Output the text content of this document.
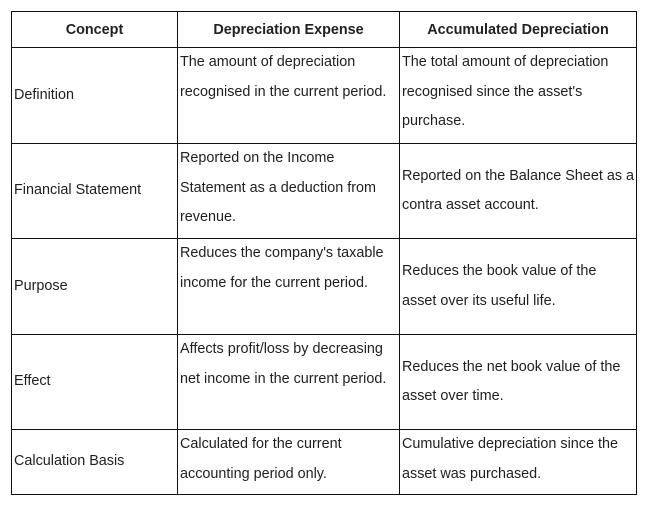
Concept	Depreciation Expense	Accumulated Depreciation
Definition	The amount of depreciation recognised in the current period.	The total amount of depreciation recognised since the asset's purchase.
Financial Statement	Reported on the Income Statement as a deduction from revenue.	Reported on the Balance Sheet as a contra asset account.
Purpose	Reduces the company's taxable income for the current period.	Reduces the book value of the asset over its useful life.
Effect	Affects profit/loss by decreasing net income in the current period.	Reduces the net book value of the asset over time.
Calculation Basis	Calculated for the current accounting period only.	Cumulative depreciation since the asset was purchased.
